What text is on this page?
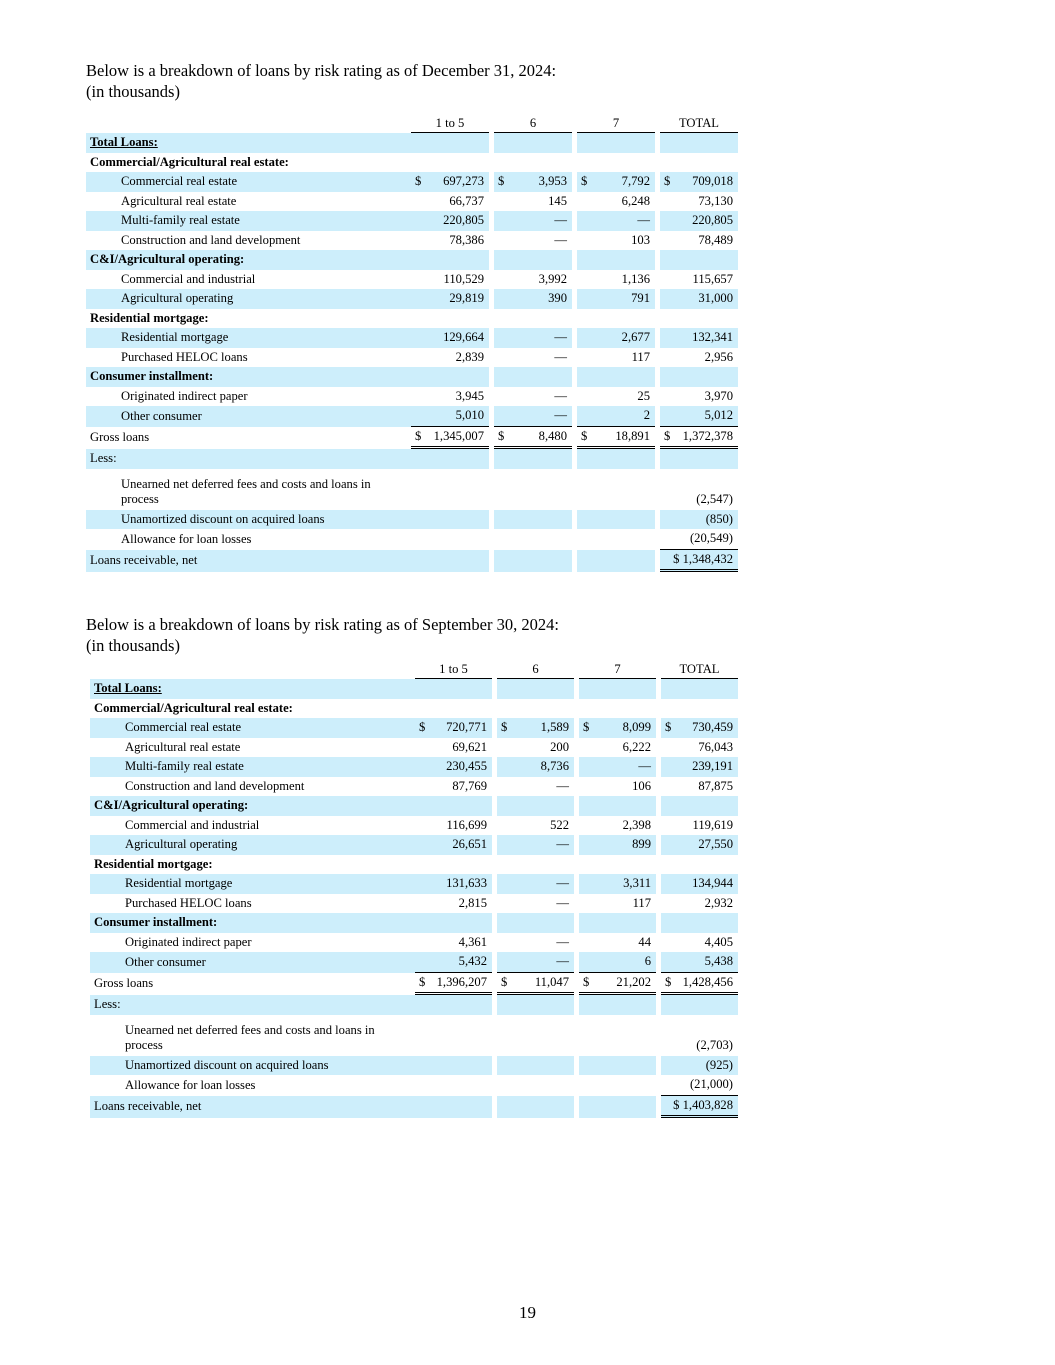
Below is a breakdown of loans by risk rating as of December 31, 2024:
(in thousands)
	1 to 5		6		7		TOTAL
Total Loans:							
Commercial/Agricultural real estate:							
Commercial real estate	$ 697,273		$ 3,953		$ 7,792		$ 709,018
Agricultural real estate	66,737		145		6,248		73,130
Multi-family real estate	220,805		—		—		220,805
Construction and land development	78,386		—		103		78,489
C&I/Agricultural operating:							
Commercial and industrial	110,529		3,992		1,136		115,657
Agricultural operating	29,819		390		791		31,000
Residential mortgage:							
Residential mortgage	129,664		—		2,677		132,341
Purchased HELOC loans	2,839		—		117		2,956
Consumer installment:							
Originated indirect paper	3,945		—		25		3,970
Other consumer	5,010		—		2		5,012
Gross loans	$ 1,345,007		$ 8,480		$ 18,891		$ 1,372,378
Less:							

Unearned net deferred fees and costs and loans in process							(2,547)
Unamortized discount on acquired loans							(850)
Allowance for loan losses							(20,549)
Loans receivable, net							$ 1,348,432
Below is a breakdown of loans by risk rating as of September 30, 2024:
(in thousands)
	1 to 5		6		7		TOTAL
Total Loans:							
Commercial/Agricultural real estate:							
Commercial real estate	$ 720,771		$ 1,589		$ 8,099		$ 730,459
Agricultural real estate	69,621		200		6,222		76,043
Multi-family real estate	230,455		8,736		—		239,191
Construction and land development	87,769		—		106		87,875
C&I/Agricultural operating:							
Commercial and industrial	116,699		522		2,398		119,619
Agricultural operating	26,651		—		899		27,550
Residential mortgage:							
Residential mortgage	131,633		—		3,311		134,944
Purchased HELOC loans	2,815		—		117		2,932
Consumer installment:							
Originated indirect paper	4,361		—		44		4,405
Other consumer	5,432		—		6		5,438
Gross loans	$ 1,396,207		$ 11,047		$ 21,202		$ 1,428,456
Less:							

Unearned net deferred fees and costs and loans in process							(2,703)
Unamortized discount on acquired loans							(925)
Allowance for loan losses							(21,000)
Loans receivable, net							$ 1,403,828
19
